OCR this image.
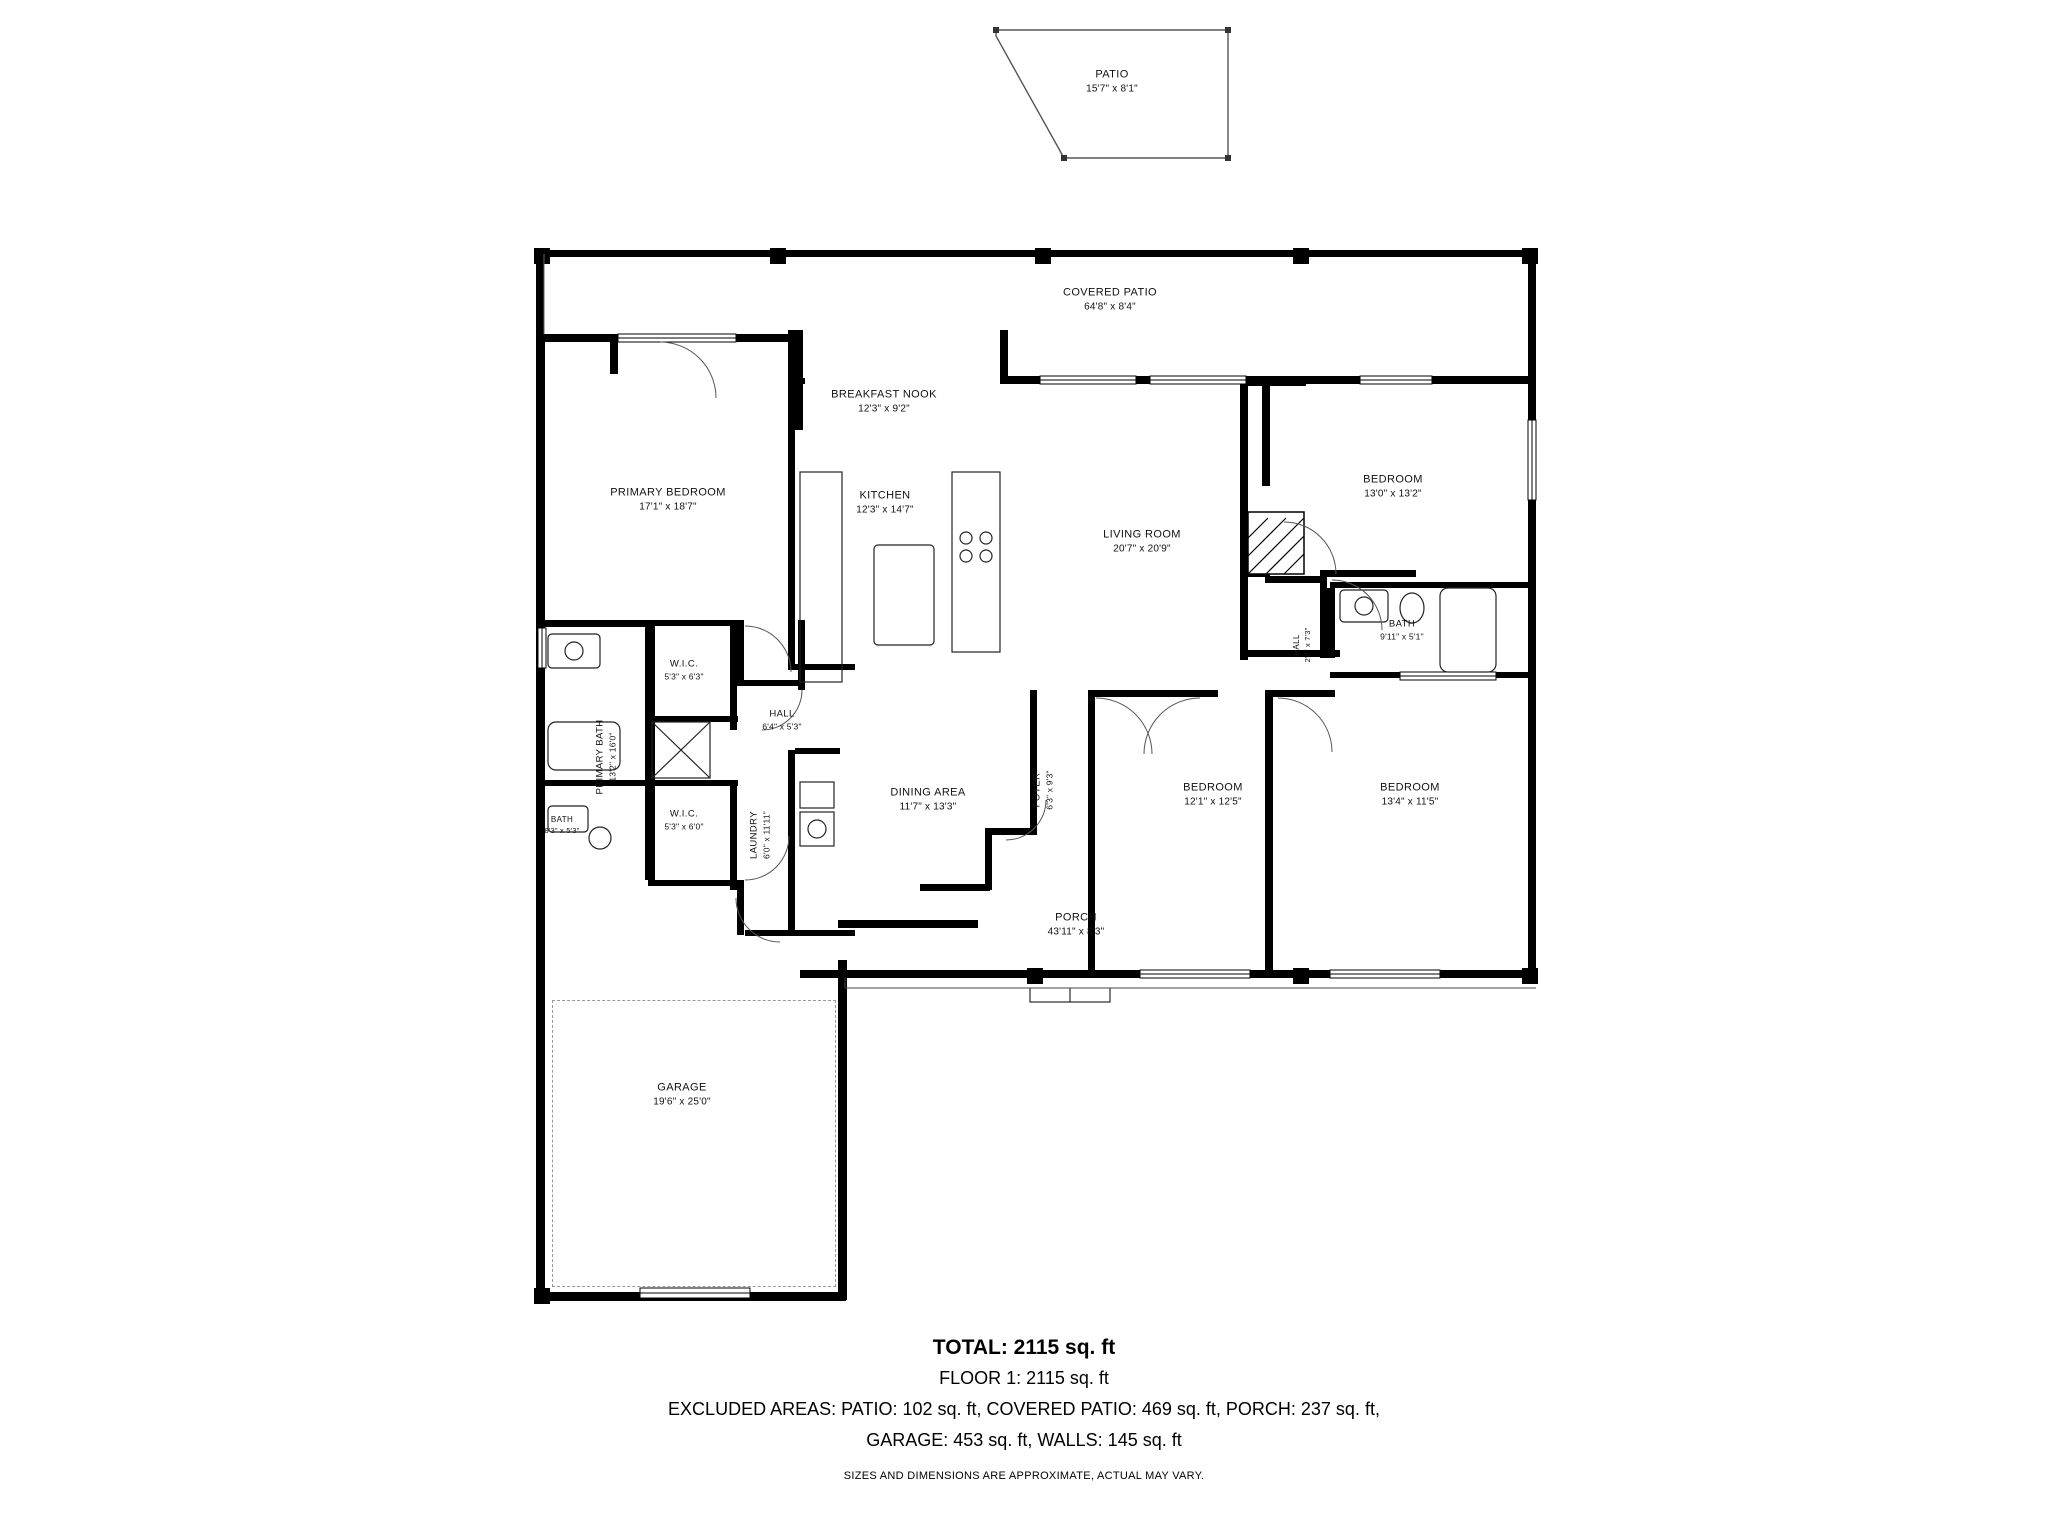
PATIO
15'7" x 8'1"
COVERED PATIO
64'8" x 8'4"
BREAKFAST NOOK
12'3" x 9'2"
PRIMARY BEDROOM
17'1" x 18'7"
KITCHEN
12'3" x 14'7"
LIVING ROOM
20'7" x 20'9"
BEDROOM
13'0" x 13'2"
BATH
9'11" x 5'1"
HALL 2'8" x 7'3"
W.I.C.
5'3" x 6'3"
PRIMARY BATH 13'2" x 16'0"
HALL
6'4" x 5'3"
W.I.C.
5'3" x 6'0"
BATH
8'3" x 5'3"	LAUNDRY 6'0" x 11'11"
DINING AREA
11'7" x 13'3"	FOYER 6'3" x 9'3"	BEDROOM
12'1" x 12'5"
BEDROOM
13'4" x 11'5"
PORCH
43'11" x 8'3"
GARAGE
19'6" x 25'0"
TOTAL: 2115 sq. ft
FLOOR 1: 2115 sq. ft
EXCLUDED AREAS: PATIO: 102 sq. ft, COVERED PATIO: 469 sq. ft, PORCH: 237 sq. ft,
GARAGE: 453 sq. ft, WALLS: 145 sq. ft
SIZES AND DIMENSIONS ARE APPROXIMATE, ACTUAL MAY VARY.
